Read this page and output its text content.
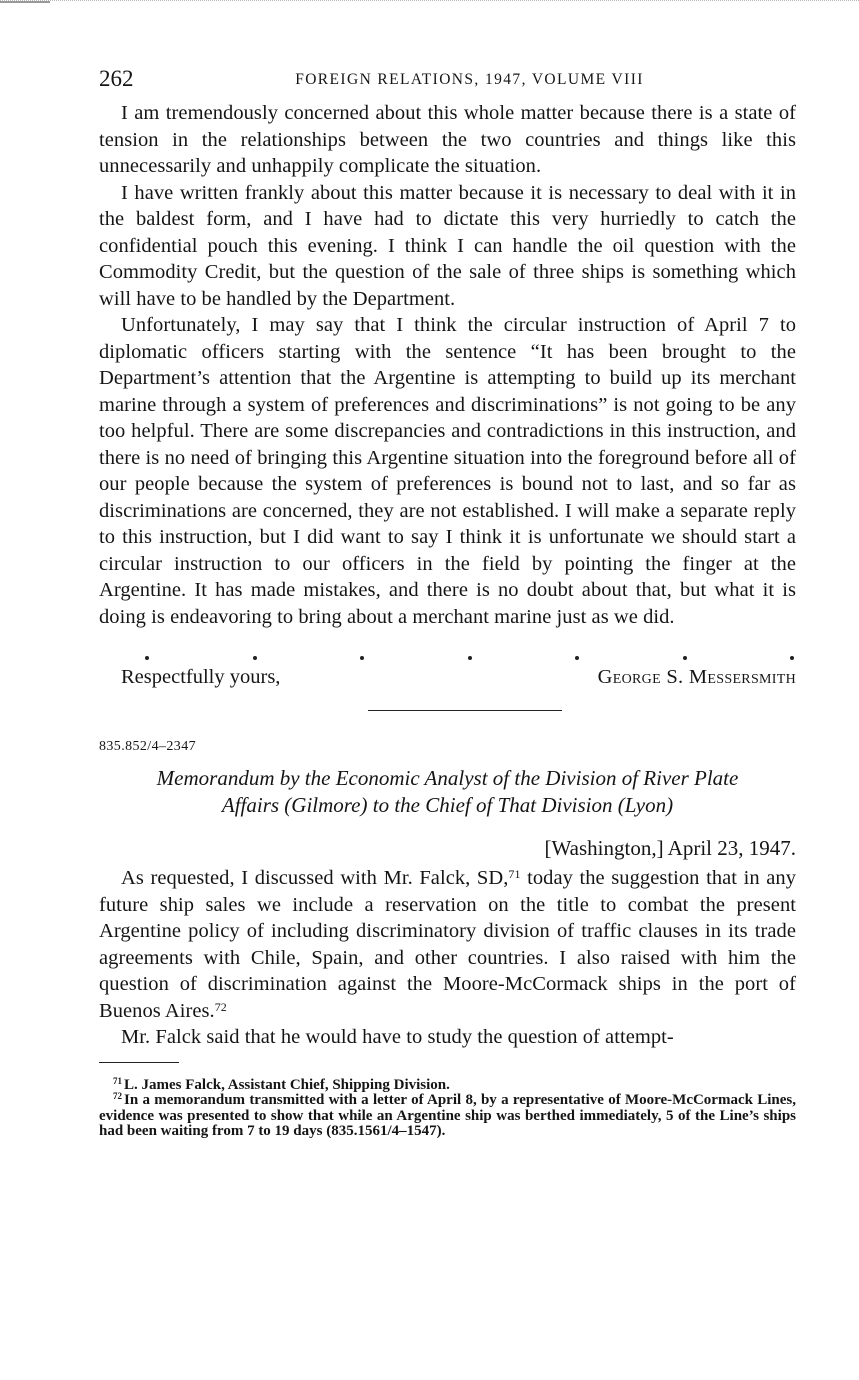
262	FOREIGN RELATIONS, 1947, VOLUME VIII

I am tremendously concerned about this whole matter because there is a state of tension in the relationships between the two countries and things like this unnecessarily and unhappily complicate the situation.

I have written frankly about this matter because it is necessary to deal with it in the baldest form, and I have had to dictate this very hurriedly to catch the confidential pouch this evening. I think I can handle the oil question with the Commodity Credit, but the question of the sale of three ships is something which will have to be handled by the Department.

Unfortunately, I may say that I think the circular instruction of April 7 to diplomatic officers starting with the sentence “It has been brought to the Department’s attention that the Argentine is attempting to build up its merchant marine through a system of preferences and discriminations” is not going to be any too helpful. There are some discrepancies and contradictions in this instruction, and there is no need of bringing this Argentine situation into the foreground before all of our people because the system of preferences is bound not to last, and so far as discriminations are concerned, they are not established. I will make a separate reply to this instruction, but I did want to say I think it is unfortunate we should start a circular instruction to our officers in the field by pointing the finger at the Argentine. It has made mistakes, and there is no doubt about that, but what it is doing is endeavoring to bring about a merchant marine just as we did.

Respectfully yours,	George S. Messersmith
835.852/4–2347
Memorandum by the Economic Analyst of the Division of River Plate
Affairs (Gilmore) to the Chief of That Division (Lyon)
[Washington,] April 23, 1947.

As requested, I discussed with Mr. Falck, SD,$^{71}$ today the suggestion that in any future ship sales we include a reservation on the title to combat the present Argentine policy of including discriminatory division of traffic clauses in its trade agreements with Chile, Spain, and other countries. I also raised with him the question of discrimination against the Moore-McCormack ships in the port of Buenos Aires.$^{72}$

Mr. Falck said that he would have to study the question of attempt-

$^{71}$ L. James Falck, Assistant Chief, Shipping Division.

$^{72}$ In a memorandum transmitted with a letter of April 8, by a representative of Moore-McCormack Lines, evidence was presented to show that while an Argentine ship was berthed immediately, 5 of the Line’s ships had been waiting from 7 to 19 days (835.1561/4–1547).
